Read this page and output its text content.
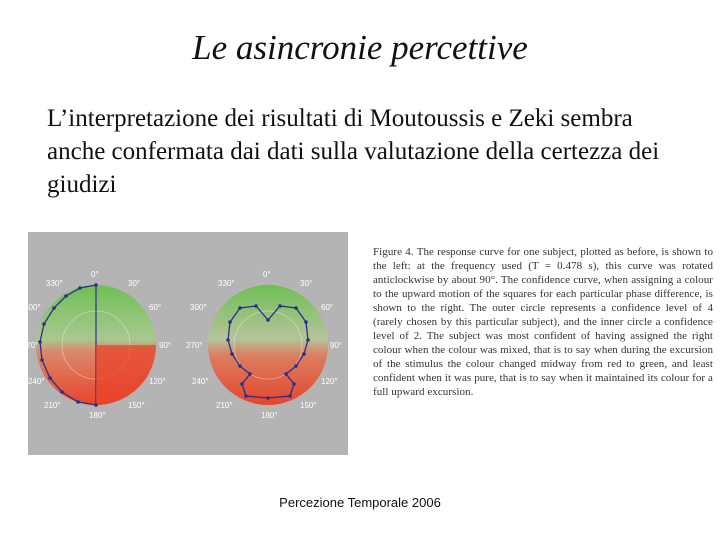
Le asincronie percettive
L’interpretazione dei risultati di Moutoussis e Zeki sembra anche confermata dai dati sulla valutazione della certezza dei giudizi
0°
30°
60°
90°
120°
150°
180°
210°
240°
270°
300°
330°
0°
30°
60°
90°
120°
150°
180°
210°
240°
270°
300°
330°
Figure 4. The response curve for one subject, plotted as before, is shown to the left: at the frequency used (T = 0.478 s), this curve was rotated anticlockwise by about 90°. The confidence curve, when assigning a colour to the upward motion of the squares for each particular phase difference, is shown to the right. The outer circle represents a confidence level of 4 (rarely chosen by this particular subject), and the inner circle a confidence level of 2. The subject was most confident of having assigned the right colour when the colour was mixed, that is to say when during the excursion of the stimulus the colour changed midway from red to green, and least confident when it was pure, that is to say when it maintained its colour for a full upward excursion.
Percezione Temporale 2006
